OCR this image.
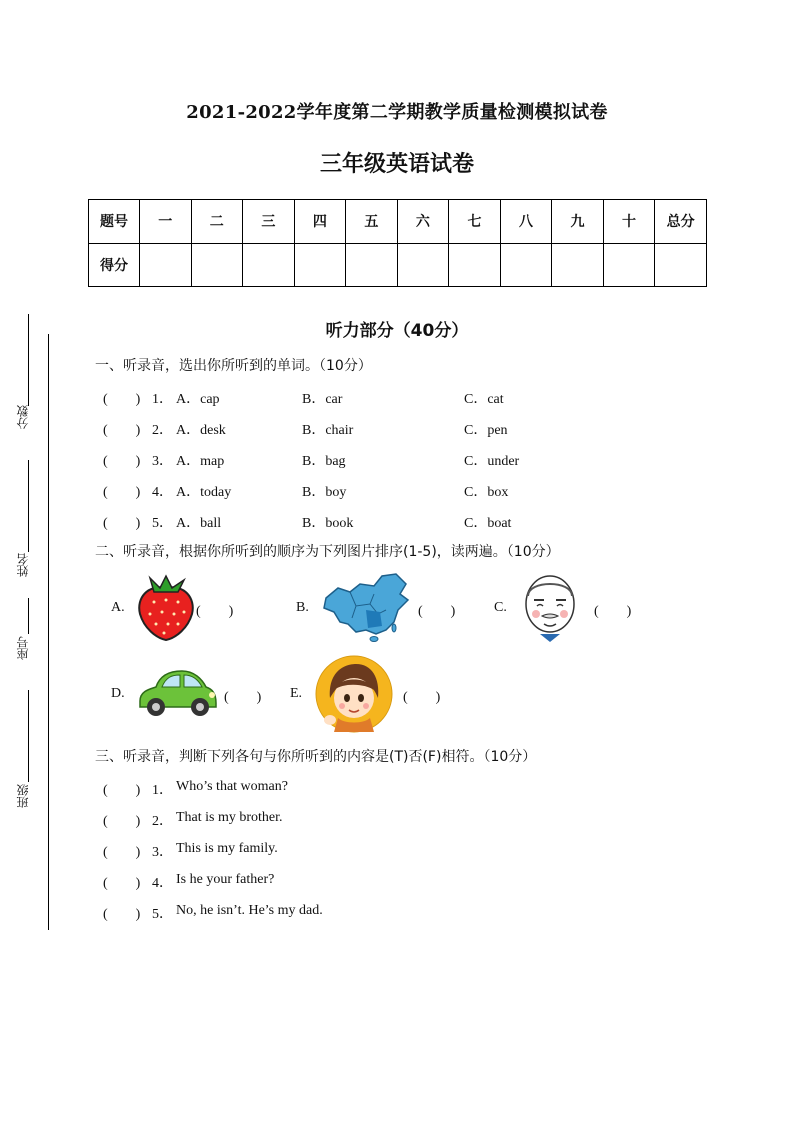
2021-2022学年度第二学期教学质量检测模拟试卷
三年级英语试卷
题号	一	二	三	四	五	六	七	八	九	十	总分
得分											
分数
姓名
座号
班级
听力部分（40分）
一、听录音，选出你所听到的单词。（10分）
(　　) 1． A．cap	B．car	C．cat
(　　) 2． A．desk	B．chair	C．pen
(　　) 3． A．map	B．bag	C．under
(　　) 4． A．today	B．boy	C．box
(　　) 5． A．ball	B．book	C．boat
二、听录音，根据你所听到的顺序为下列图片排序(1-5)，读两遍。（10分）
A.	(　　)	B.	(　　)	C.	(　　)
D.	(　　) E.	(　　)
三、听录音，判断下列各句与你所听到的内容是(T)否(F)相符。（10分）
(　　) 1． Who’s that woman?
(　　) 2． That is my brother.
(　　) 3． This is my family.
(　　) 4． Is he your father?
(　　) 5． No, he isn’t. He’s my dad.
